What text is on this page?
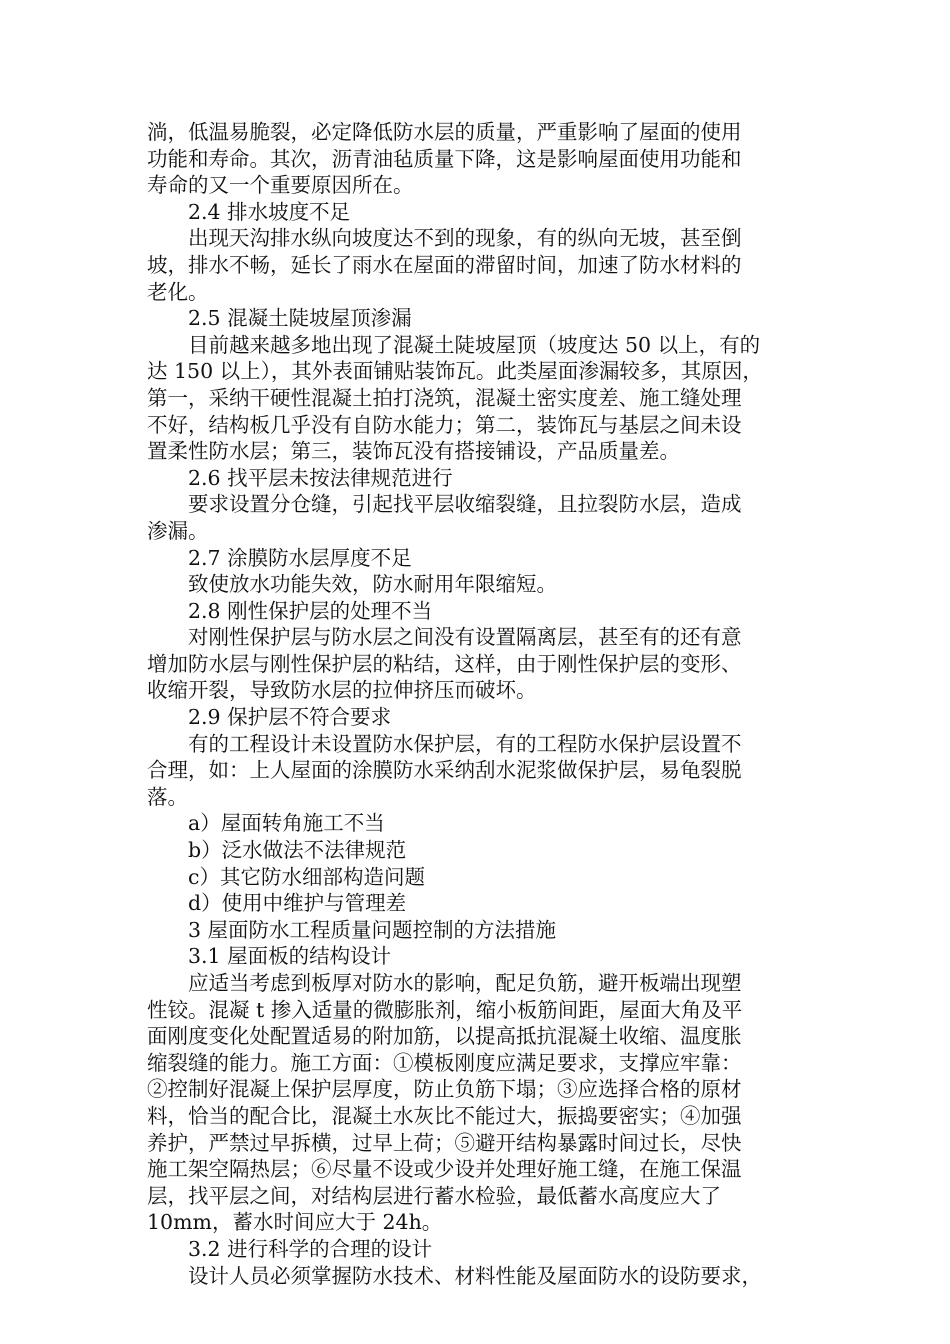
淌，低温易脆裂，必定降低防水层的质量，严重影响了屋面的使用
功能和寿命。其次，沥青油毡质量下降，这是影响屋面使用功能和
寿命的又一个重要原因所在。
2.4 排水坡度不足
出现天沟排水纵向坡度达不到的现象，有的纵向无坡，甚至倒
坡，排水不畅，延长了雨水在屋面的滞留时间，加速了防水材料的
老化。
2.5 混凝土陡坡屋顶渗漏
目前越来越多地出现了混凝土陡坡屋顶（坡度达 50 以上，有的
达 150 以上），其外表面铺贴装饰瓦。此类屋面渗漏较多，其原因，
第一，采纳干硬性混凝土拍打浇筑，混凝土密实度差、施工缝处理
不好，结构板几乎没有自防水能力；第二，装饰瓦与基层之间未设
置柔性防水层；第三，装饰瓦没有搭接铺设，产品质量差。
2.6 找平层未按法律规范进行
要求设置分仓缝，引起找平层收缩裂缝，且拉裂防水层，造成
渗漏。
2.7 涂膜防水层厚度不足
致使放水功能失效，防水耐用年限缩短。
2.8 刚性保护层的处理不当
对刚性保护层与防水层之间没有设置隔离层，甚至有的还有意
增加防水层与刚性保护层的粘结，这样，由于刚性保护层的变形、
收缩开裂，导致防水层的拉伸挤压而破坏。
2.9 保护层不符合要求
有的工程设计未设置防水保护层，有的工程防水保护层设置不
合理，如：上人屋面的涂膜防水采纳刮水泥浆做保护层，易龟裂脱
落。
a）屋面转角施工不当
b）泛水做法不法律规范
c）其它防水细部构造问题
d）使用中维护与管理差
3 屋面防水工程质量问题控制的方法措施
3.1 屋面板的结构设计
应适当考虑到板厚对防水的影响，配足负筋，避开板端出现塑
性铰。混凝 t 掺入适量的微膨胀剂，缩小板筋间距，屋面大角及平
面刚度变化处配置适易的附加筋，以提高抵抗混凝土收缩、温度胀
缩裂缝的能力。施工方面：①模板刚度应满足要求，支撑应牢靠：
②控制好混凝上保护层厚度，防止负筋下塌；③应选择合格的原材
料，恰当的配合比，混凝土水灰比不能过大，振捣要密实；④加强
养护，严禁过早拆横，过早上荷；⑤避开结构暴露时间过长，尽快
施工架空隔热层；⑥尽量不设或少设并处理好施工缝，在施工保温
层，找平层之间，对结构层进行蓄水检验，最低蓄水高度应大了
10mm，蓄水时间应大于 24h。
3.2 进行科学的合理的设计
设计人员必须掌握防水技术、材料性能及屋面防水的设防要求，
